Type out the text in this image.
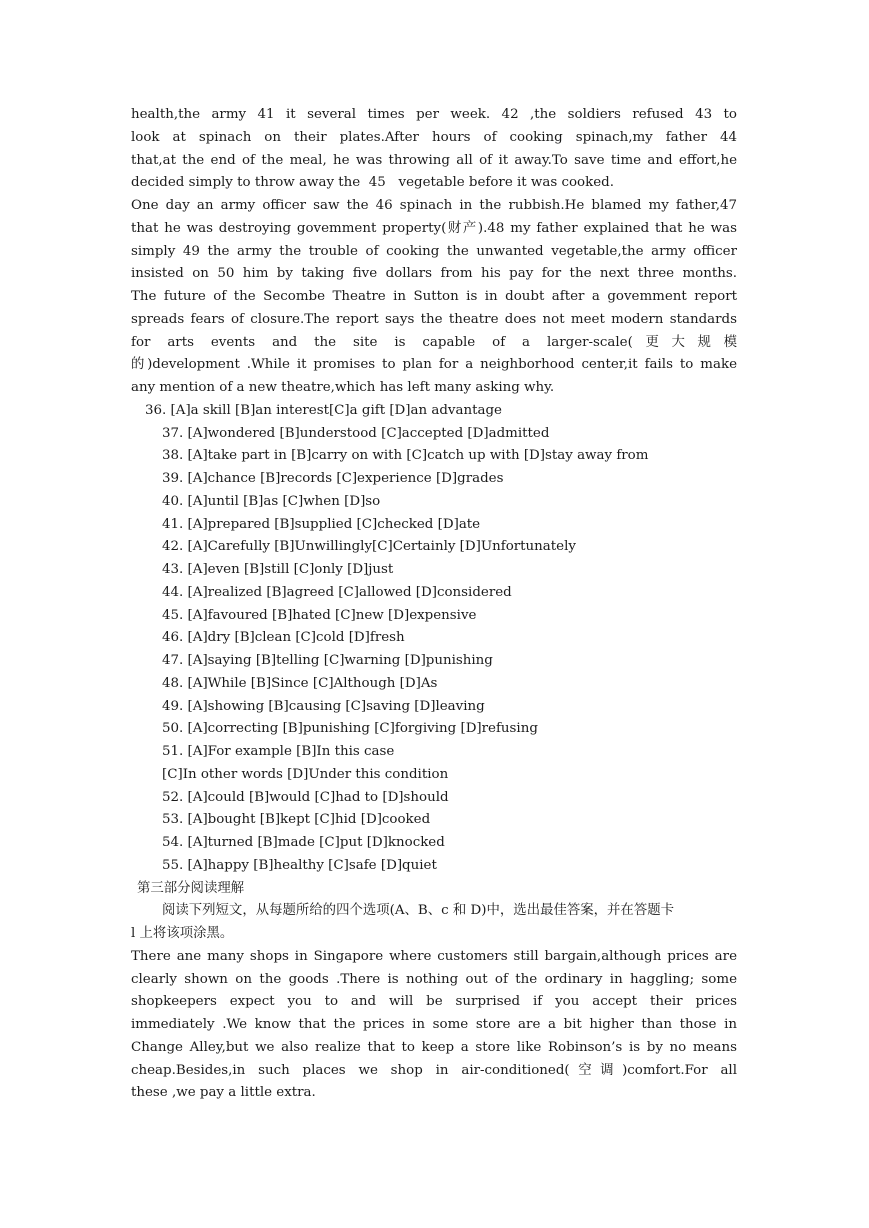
health,the army 41 it several times per week. 42 ,the soldiers refused 43 to
look at spinach on their plates.After hours of cooking spinach,my father 44
that,at the end of the meal, he was throwing all of it away.To save time and effort,he
decided simply to throw away the  45   vegetable before it was cooked.
One day an army officer saw the 46 spinach in the rubbish.He blamed my father,47
that he was destroying govemment property(财产).48 my father explained that he was
simply 49 the army the trouble of cooking the unwanted vegetable,the army officer
insisted on 50 him by taking five dollars from his pay for the next three months.
The future of the Secombe Theatre in Sutton is in doubt after a govemment report
spreads fears of closure.The report says the theatre does not meet modern standards
for arts events and the site is capable of a larger-scale(更大规模
的)development .While it promises to plan for a neighborhood center,it fails to make
any mention of a new theatre,which has left many asking why.
36. [A]a skill [B]an interest[C]a gift [D]an advantage
37. [A]wondered [B]understood [C]accepted [D]admitted
38. [A]take part in [B]carry on with [C]catch up with [D]stay away from
39. [A]chance [B]records [C]experience [D]grades
40. [A]until [B]as [C]when [D]so
41. [A]prepared [B]supplied [C]checked [D]ate
42. [A]Carefully [B]Unwillingly[C]Certainly [D]Unfortunately
43. [A]even [B]still [C]only [D]just
44. [A]realized [B]agreed [C]allowed [D]considered
45. [A]favoured [B]hated [C]new [D]expensive
46. [A]dry [B]clean [C]cold [D]fresh
47. [A]saying [B]telling [C]warning [D]punishing
48. [A]While [B]Since [C]Although [D]As
49. [A]showing [B]causing [C]saving [D]leaving
50. [A]correcting [B]punishing [C]forgiving [D]refusing
51. [A]For example [B]In this case
[C]In other words [D]Under this condition
52. [A]could [B]would [C]had to [D]should
53. [A]bought [B]kept [C]hid [D]cooked
54. [A]turned [B]made [C]put [D]knocked
55. [A]happy [B]healthy [C]safe [D]quiet
第三部分阅读理解
阅读下列短文，从每题所给的四个选项(A、B、c 和 D)中，选出最佳答案，并在答题卡
l 上将该项涂黑。
There ane many shops in Singapore where customers still bargain,although prices are
clearly shown on the goods .There is nothing out of the ordinary in haggling; some
shopkeepers expect you to and will be surprised if you accept their prices
immediately .We know that the prices in some store are a bit higher than those in
Change Alley,but we also realize that to keep a store like Robinson’s is by no means
cheap.Besides,in such places we shop in air-conditioned(空调)comfort.For all
these ,we pay a little extra.
